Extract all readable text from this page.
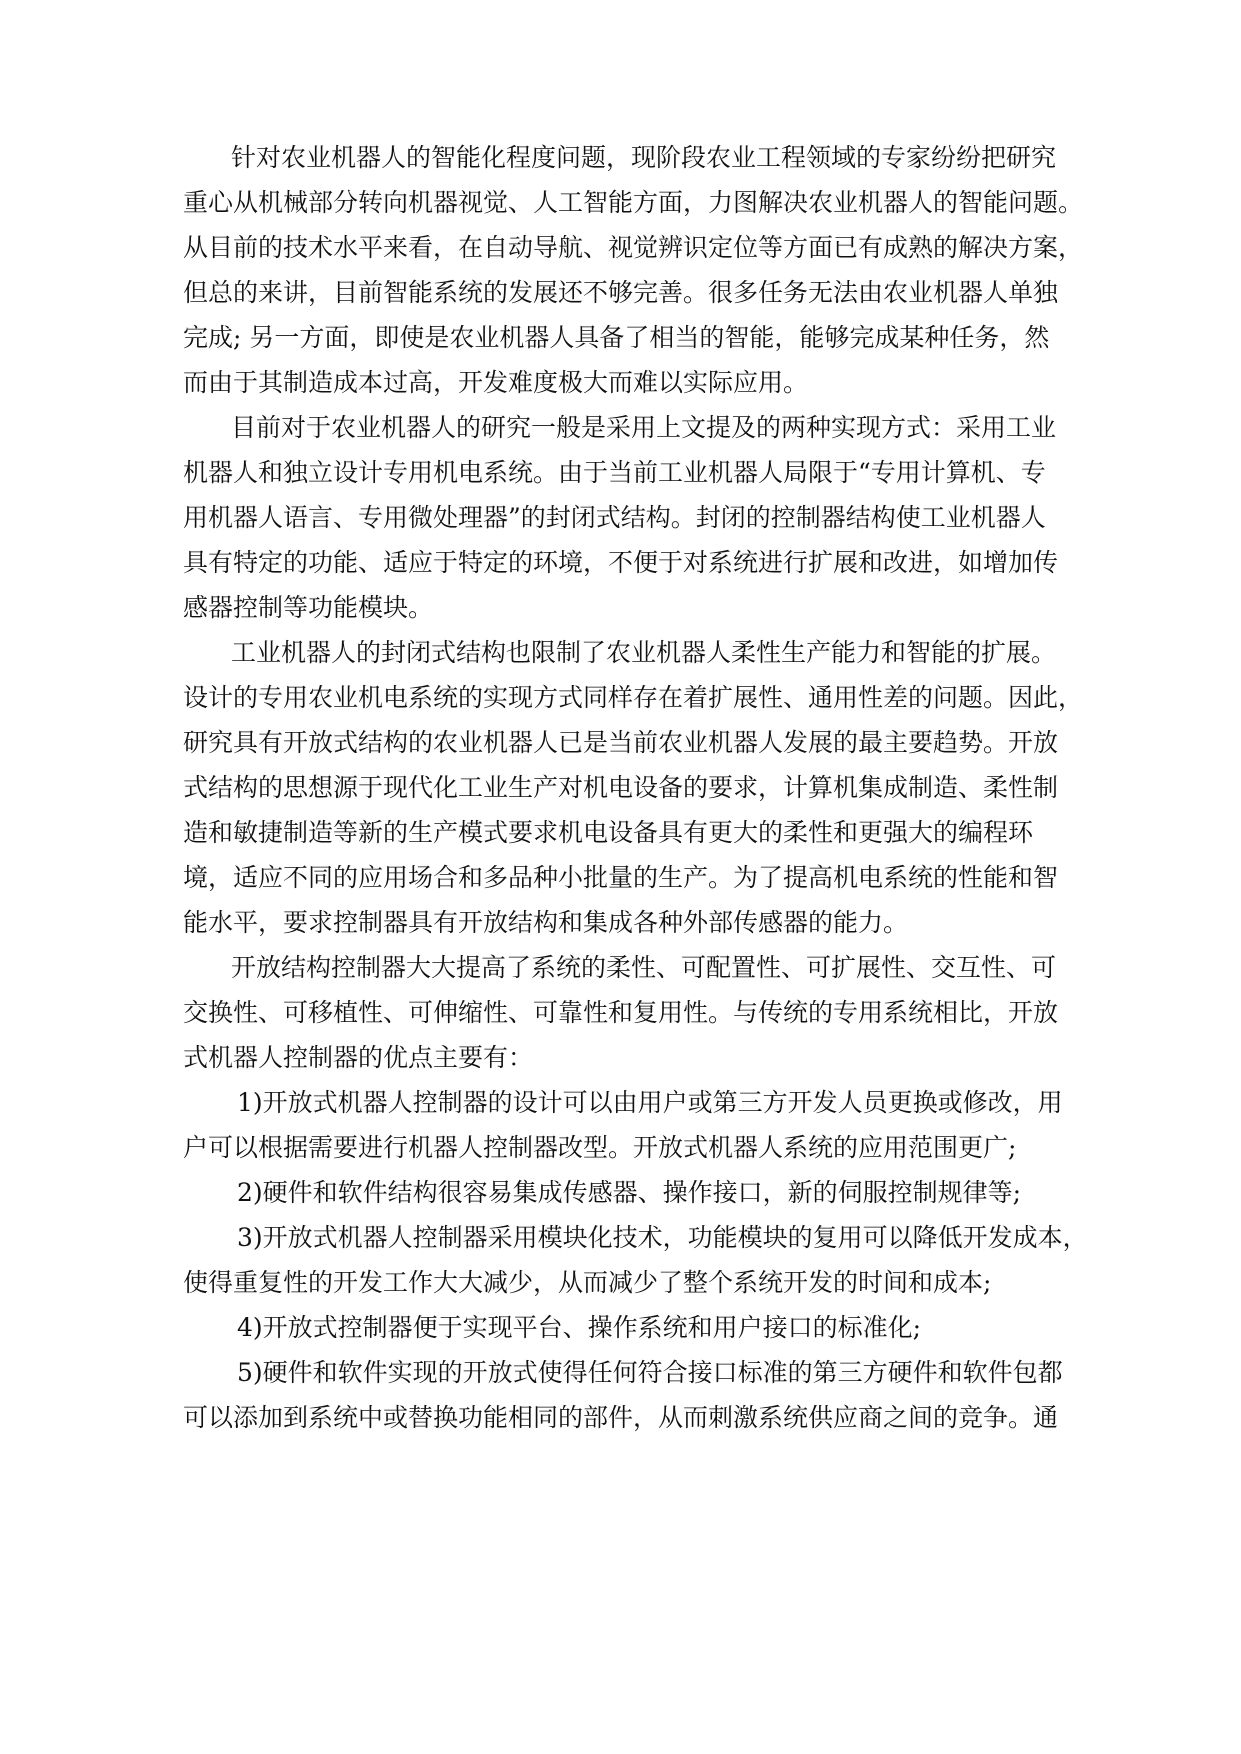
针对农业机器人的智能化程度问题，现阶段农业工程领域的专家纷纷把研究
重心从机械部分转向机器视觉、人工智能方面，力图解决农业机器人的智能问题。
从目前的技术水平来看，在自动导航、视觉辨识定位等方面已有成熟的解决方案，
但总的来讲，目前智能系统的发展还不够完善。很多任务无法由农业机器人单独
完成; 另一方面，即使是农业机器人具备了相当的智能，能够完成某种任务，然
而由于其制造成本过高，开发难度极大而难以实际应用。
目前对于农业机器人的研究一般是采用上文提及的两种实现方式：采用工业
机器人和独立设计专用机电系统。由于当前工业机器人局限于“专用计算机、专
用机器人语言、专用微处理器”的封闭式结构。封闭的控制器结构使工业机器人
具有特定的功能、适应于特定的环境，不便于对系统进行扩展和改进，如增加传
感器控制等功能模块。
工业机器人的封闭式结构也限制了农业机器人柔性生产能力和智能的扩展。
设计的专用农业机电系统的实现方式同样存在着扩展性、通用性差的问题。因此，
研究具有开放式结构的农业机器人已是当前农业机器人发展的最主要趋势。开放
式结构的思想源于现代化工业生产对机电设备的要求，计算机集成制造、柔性制
造和敏捷制造等新的生产模式要求机电设备具有更大的柔性和更强大的编程环
境，适应不同的应用场合和多品种小批量的生产。为了提高机电系统的性能和智
能水平，要求控制器具有开放结构和集成各种外部传感器的能力。
开放结构控制器大大提高了系统的柔性、可配置性、可扩展性、交互性、可
交换性、可移植性、可伸缩性、可靠性和复用性。与传统的专用系统相比，开放
式机器人控制器的优点主要有：
1)开放式机器人控制器的设计可以由用户或第三方开发人员更换或修改，用
户可以根据需要进行机器人控制器改型。开放式机器人系统的应用范围更广;
2)硬件和软件结构很容易集成传感器、操作接口，新的伺服控制规律等;
3)开放式机器人控制器采用模块化技术，功能模块的复用可以降低开发成本，
使得重复性的开发工作大大减少，从而减少了整个系统开发的时间和成本;
4)开放式控制器便于实现平台、操作系统和用户接口的标准化;
5)硬件和软件实现的开放式使得任何符合接口标准的第三方硬件和软件包都
可以添加到系统中或替换功能相同的部件，从而刺激系统供应商之间的竞争。通
